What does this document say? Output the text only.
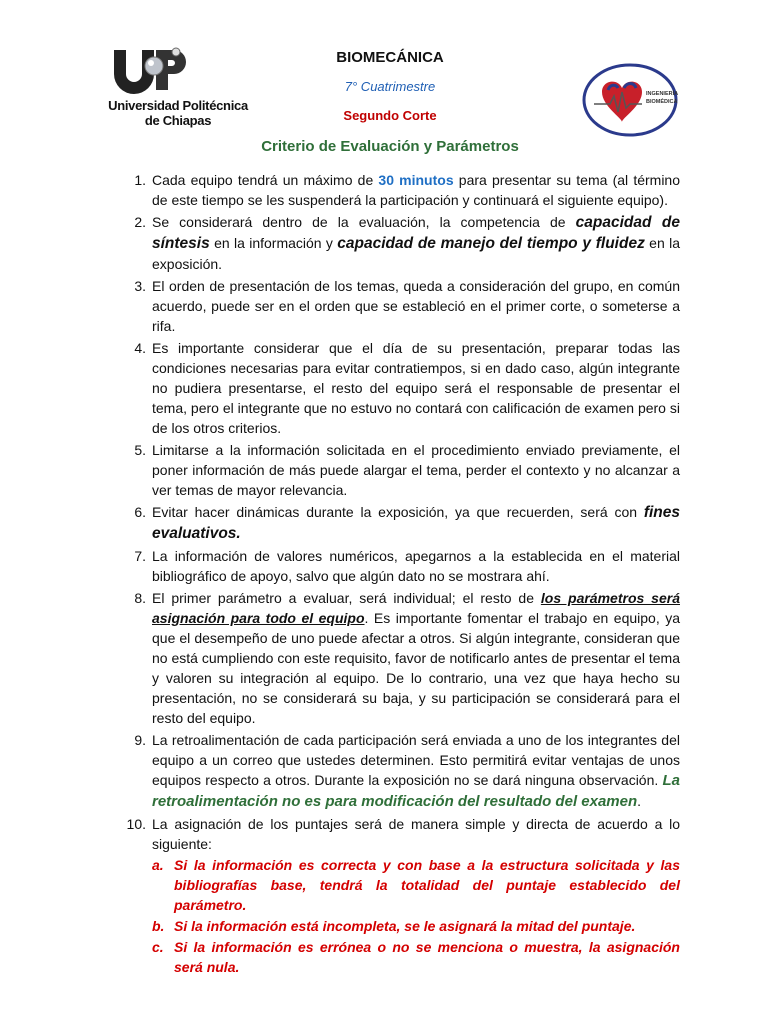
Universidad Politécnica
de Chiapas
INGENIERÍA
BIOMÉDICA
BIOMECÁNICA
7° Cuatrimestre
Segundo Corte
Criterio de Evaluación y Parámetros
1. Cada equipo tendrá un máximo de 30 minutos para presentar su tema (al término de este tiempo se les suspenderá la participación y continuará el siguiente equipo).
2. Se considerará dentro de la evaluación, la competencia de capacidad de síntesis en la información y capacidad de manejo del tiempo y fluidez en la exposición.
3. El orden de presentación de los temas, queda a consideración del grupo, en común acuerdo, puede ser en el orden que se estableció en el primer corte, o someterse a rifa.
4. Es importante considerar que el día de su presentación, preparar todas las condiciones necesarias para evitar contratiempos, si en dado caso, algún integrante no pudiera presentarse, el resto del equipo será el responsable de presentar el tema, pero el integrante que no estuvo no contará con calificación de examen pero si de los otros criterios.
5. Limitarse a la información solicitada en el procedimiento enviado previamente, el poner información de más puede alargar el tema, perder el contexto y no alcanzar a ver temas de mayor relevancia.
6. Evitar hacer dinámicas durante la exposición, ya que recuerden, será con fines evaluativos.
7. La información de valores numéricos, apegarnos a la establecida en el material bibliográfico de apoyo, salvo que algún dato no se mostrara ahí.
8. El primer parámetro a evaluar, será individual; el resto de los parámetros será asignación para todo el equipo. Es importante fomentar el trabajo en equipo, ya que el desempeño de uno puede afectar a otros. Si algún integrante, consideran que no está cumpliendo con este requisito, favor de notificarlo antes de presentar el tema y valoren su integración al equipo. De lo contrario, una vez que haya hecho su presentación, no se considerará su baja, y su participación se considerará para el resto del equipo.
9. La retroalimentación de cada participación será enviada a uno de los integrantes del equipo a un correo que ustedes determinen. Esto permitirá evitar ventajas de unos equipos respecto a otros. Durante la exposición no se dará ninguna observación. La retroalimentación no es para modificación del resultado del examen.
10. La asignación de los puntajes será de manera simple y directa de acuerdo a lo siguiente:
a. Si la información es correcta y con base a la estructura solicitada y las bibliografías base, tendrá la totalidad del puntaje establecido del parámetro.
b. Si la información está incompleta, se le asignará la mitad del puntaje.
c. Si la información es errónea o no se menciona o muestra, la asignación será nula.
